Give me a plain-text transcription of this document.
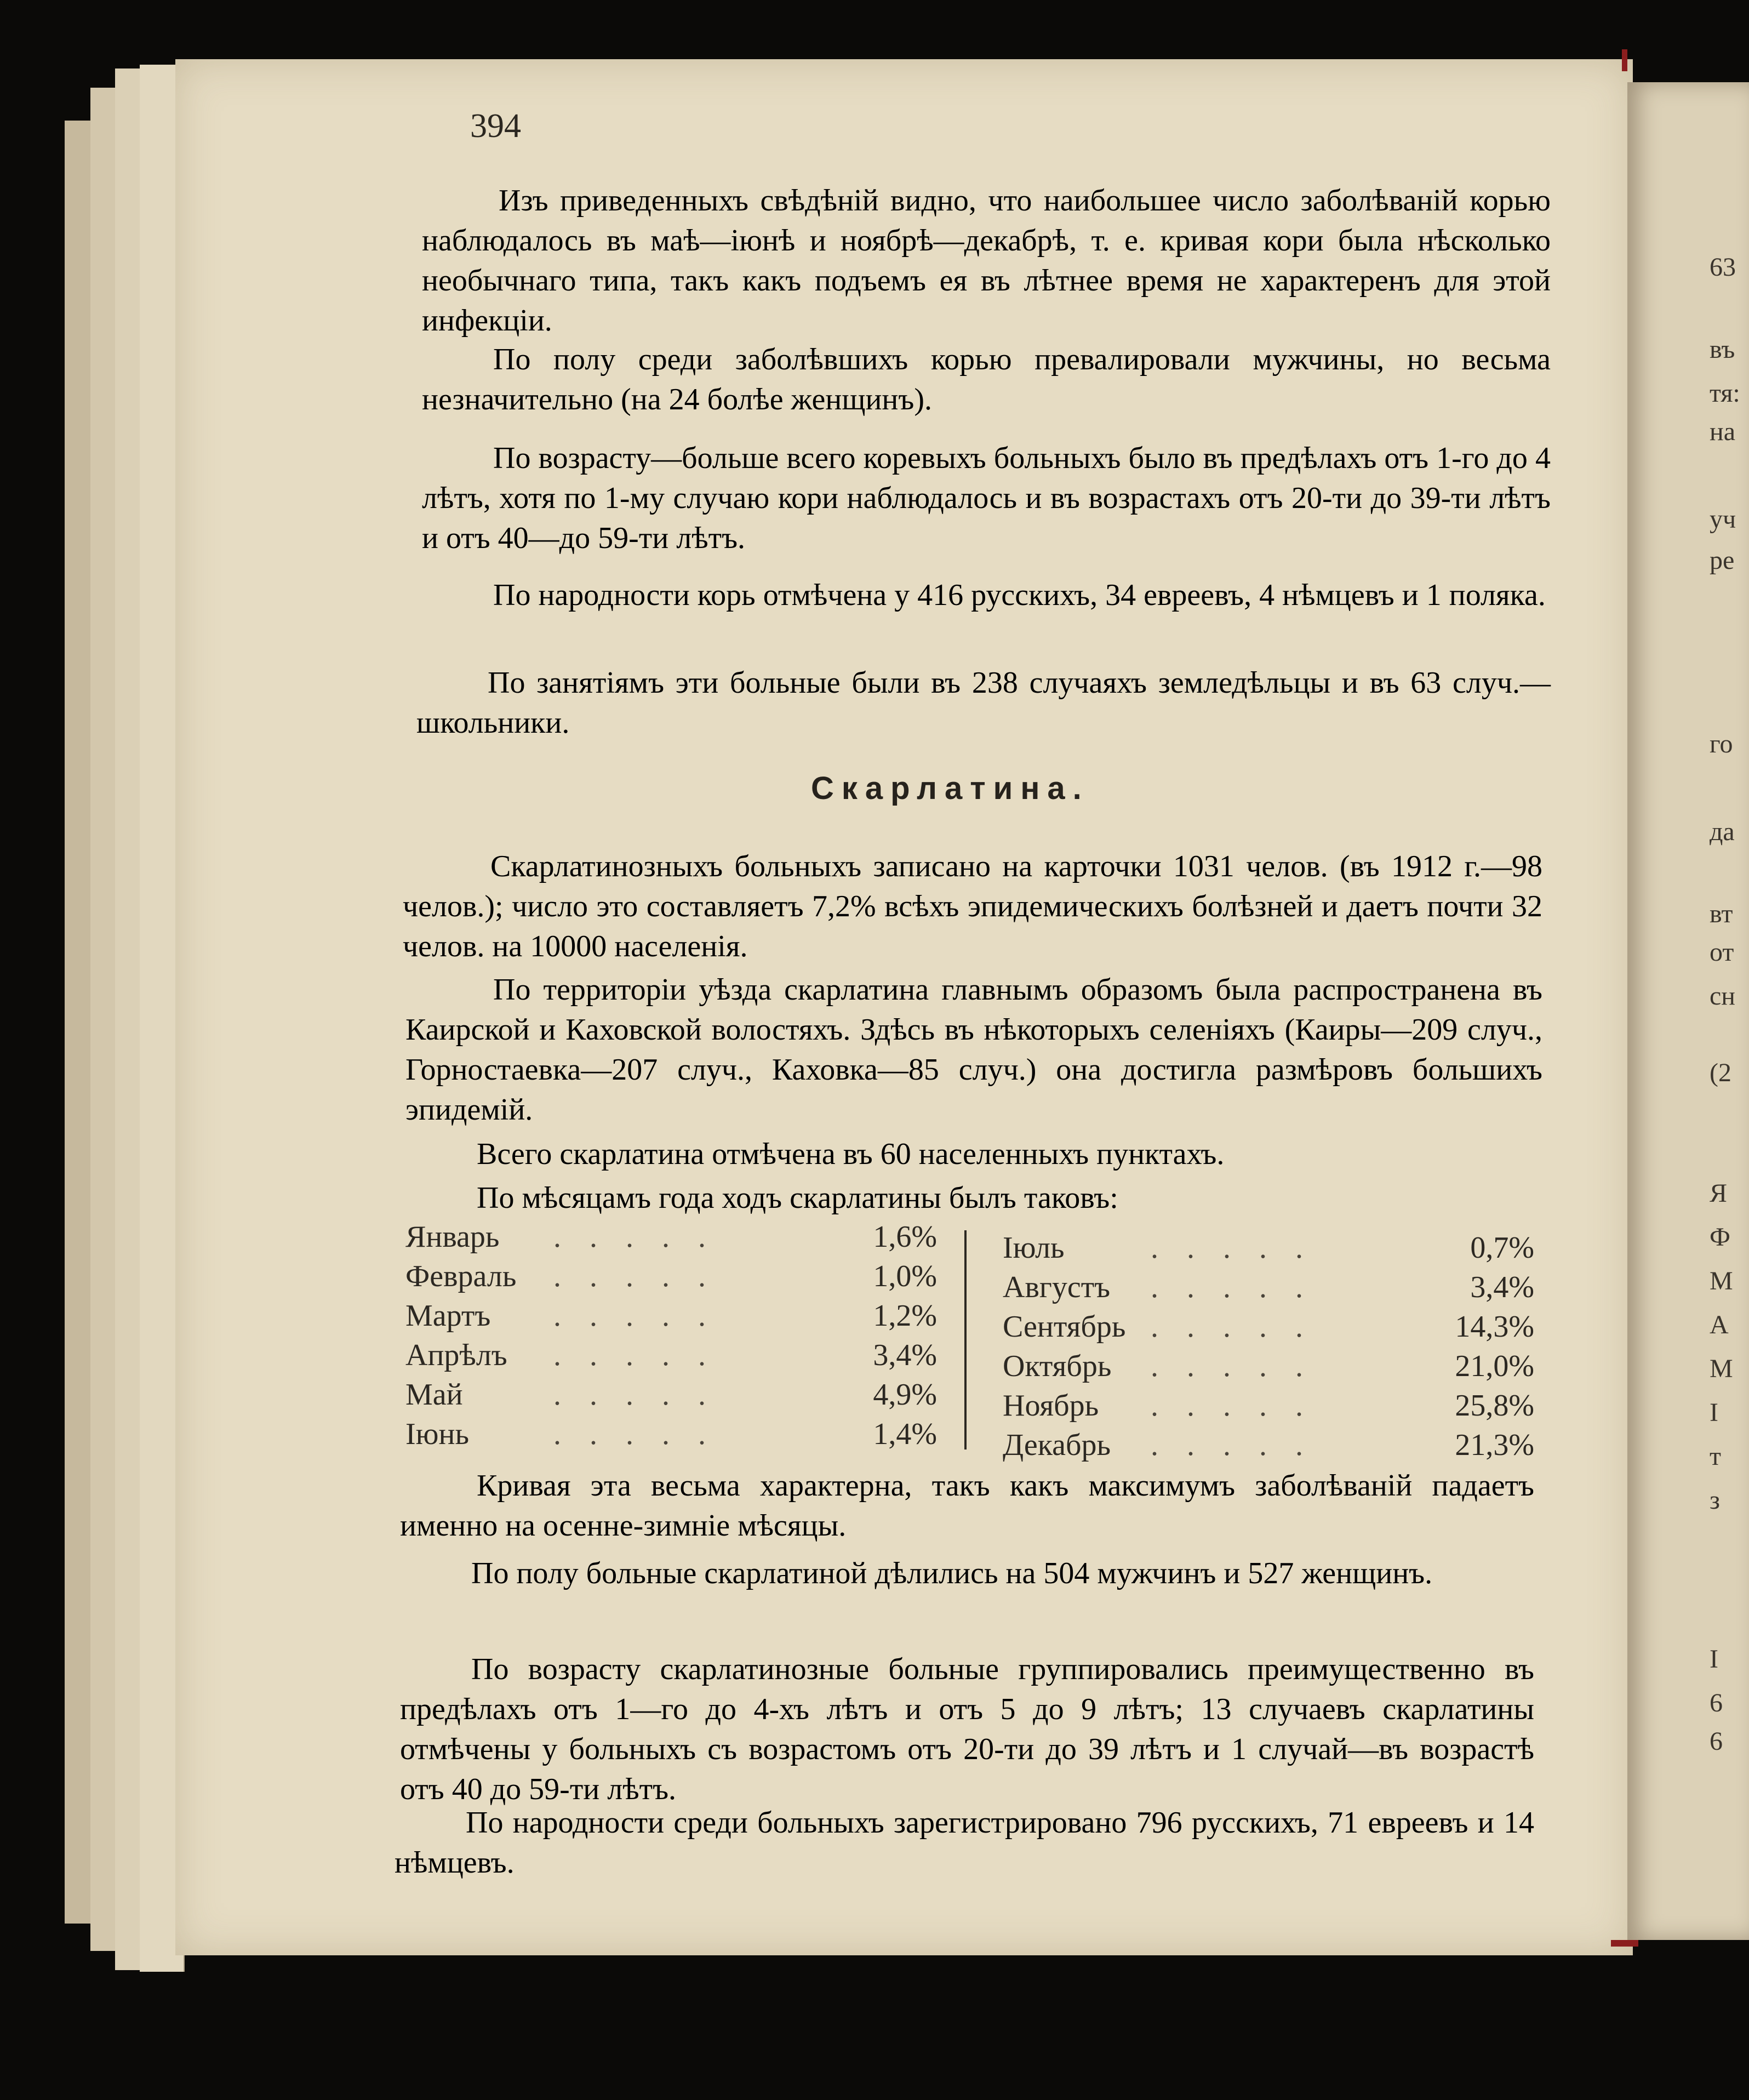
63
въ
тя:
на
уч
ре
го
да
вт
от
сн
(2
Я
Ф
М
А
М
І
т
з
І
6
6
394

Изъ приведенныхъ свѣдѣній видно, что наибольшее число заболѣваній корью наблюдалось въ маѣ—іюнѣ и ноябрѣ—декабрѣ, т. е. кривая кори была нѣсколько необычнаго типа, такъ какъ подъемъ ея въ лѣтнее время не характеренъ для этой инфекціи.

По полу среди заболѣвшихъ корью превалировали мужчины, но весьма незначительно (на 24 болѣе женщинъ).

По возрасту—больше всего коревыхъ больныхъ было въ предѣлахъ отъ 1-го до 4 лѣтъ, хотя по 1-му случаю кори наблюдалось и въ возрастахъ отъ 20-ти до 39-ти лѣтъ и отъ 40—до 59-ти лѣтъ.

По народности корь отмѣчена у 416 русскихъ, 34 евреевъ, 4 нѣмцевъ и 1 поляка.

По занятіямъ эти больные были въ 238 случаяхъ земледѣльцы и въ 63 случ.—школьники.

Скарлатина.

Скарлатинозныхъ больныхъ записано на карточки 1031 челов. (въ 1912 г.—98 челов.); число это составляетъ 7,2% всѣхъ эпидемическихъ болѣзней и даетъ почти 32 челов. на 10000 населенія.

По территоріи уѣзда скарлатина главнымъ образомъ была распространена въ Каирской и Каховской волостяхъ. Здѣсь въ нѣкоторыхъ селеніяхъ (Каиры—209 случ., Горностаевка—207 случ., Каховка—85 случ.) она достигла размѣровъ большихъ эпидемій.

Всего скарлатина отмѣчена въ 60 населенныхъ пунктахъ.

По мѣсяцамъ года ходъ скарлатины былъ таковъ:

Январь	1,6%
.....
Февраль	1,0%
.....
Мартъ	1,2%
.....
Апрѣлъ	3,4%
.....
Май	4,9%
.....
Іюнь	1,4%
.....
Іюль	0,7%
.....
Августъ	3,4%
.....
Сентябрь	14,3%
.....
Октябрь	21,0%
.....
Ноябрь	25,8%
.....
Декабрь	21,3%
.....

Кривая эта весьма характерна, такъ какъ максимумъ заболѣваній падаетъ именно на осенне-зимніе мѣсяцы.

По полу больные скарлатиной дѣлились на 504 мужчинъ и 527 женщинъ.

По возрасту скарлатинозные больные группировались преимущественно въ предѣлахъ отъ 1—го до 4-хъ лѣтъ и отъ 5 до 9 лѣтъ; 13 случаевъ скарлатины отмѣчены у больныхъ съ возрастомъ отъ 20-ти до 39 лѣтъ и 1 случай—въ возрастѣ отъ 40 до 59-ти лѣтъ.

По народности среди больныхъ зарегистрировано 796 русскихъ, 71 евреевъ и 14 нѣмцевъ.
